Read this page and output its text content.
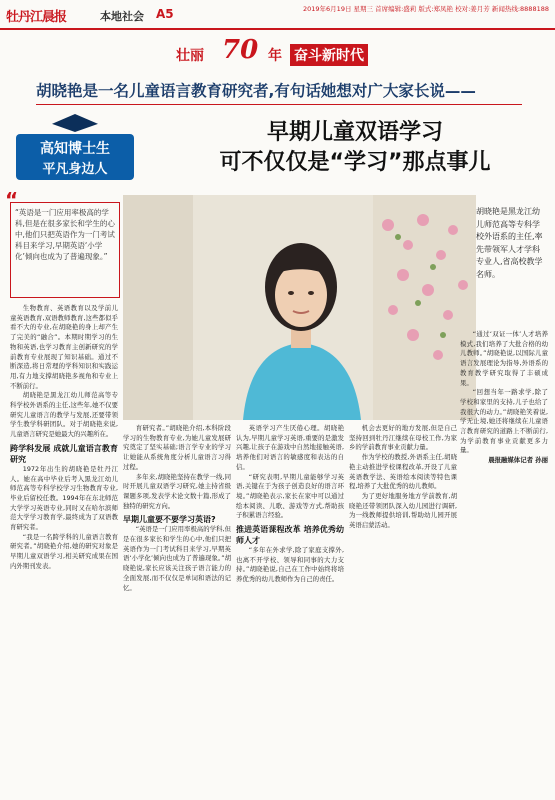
牡丹江晨报	本地社会 A5	2019年6月19日 星期三 首席编辑:盛莉 版式:郑凤艳 校对:姜月芳 新闻热线:8888188
壮丽 70 年 奋斗新时代
胡晓艳是一名儿童语言教育研究者,有句话她想对广大家长说——
高知博士生
平凡身边人
早期儿童双语学习
可不仅仅是“学习”那点事儿
胡晓艳是黑龙江幼儿师范高等专科学校外语系的主任,率先带领军人才学科专业人,省高校教学名师。
“
“英语是一门应用率极高的学科,但是在很多家长和学生的心中,他们只把英语作为一门考试科目来学习,早期英语‘小学化’倾向也成为了普遍现象。”

生物教育、英语教育以及学前儿童英语教育,双语教师教育,这些都似乎看不大的专业,在胡晓艳的身上却产生了完美的“融合”。本期时期学习的生物和英语,也学习教育主创新研究的学前教育专业展现了知识基础。通过不断深造,将日常理的学科知识和实践运用,有力地支撑胡晓艳多视角和专业上不断前行。

胡晓艳是黑龙江幼儿师范高等专科学校外语系的主任,这些年,她不仅要研究儿童语言的教学与发展,还要带领学生教学科研团队。对于胡晓艳来说,儿童语言研究是她最大的兴趣所在。

跨学科发展 成就儿童语言教育研究

1972年出生的胡晓艳是牡丹江人。她在高中毕业后考入黑龙江幼儿师范高等专科学校学习生物教育专业,毕业后留校任教。1994年在东北师范大学学习英语专业,同时又在哈尔滨师范大学学习教育学,最终成为了双语教育研究者。

“我是一名跨学科的儿童语言教育研究者。”胡晓艳介绍,她的研究对象是早期儿童双语学习,相关研究成果在国内外期刊发表。

育研究者。”胡晓艳介绍,本科阶段学习的生物教育专业,为她儿童发展研究奠定了坚实基础;语言学专业的学习让她能从系统角度分析儿童语言习得过程。

多年来,胡晓艳坚持在教学一线,同时开展儿童双语学习研究,她主持省级课题多项,发表学术论文数十篇,形成了独特的研究方向。

早期儿童要不要学习英语?

“英语是一门应用率极高的学科,但是在很多家长和学生的心中,他们只把英语作为一门考试科目来学习,早期英语‘小学化’倾向也成为了普遍现象。”胡晓艳说,家长应该关注孩子语言能力的全面发展,而不仅仅是单词和语法的记忆。

英语学习产生厌倦心理。胡晓艳认为,早期儿童学习英语,重要的是激发兴趣,让孩子在游戏中自然地接触英语,培养他们对语言的敏感度和表达的自信。

“研究表明,早期儿童能够学习英语,关键在于为孩子创造良好的语言环境。”胡晓艳表示,家长在家中可以通过绘本阅读、儿歌、游戏等方式,帮助孩子积累语言经验。

推进英语课程改革 培养优秀幼师人才

“多年在外求学,除了家庭支撑外,也离不开学校、领导和同事的大力支持。”胡晓艳说,自己在工作中始终将培养优秀的幼儿教师作为自己的责任。

机会去更好的地方发展,但是自己坚持回到牡丹江继续在母校工作,为家乡的学前教育事业贡献力量。

作为学校的教授,外语系主任,胡晓艳主动推进学校课程改革,开设了儿童英语教学法、英语绘本阅读等特色课程,培养了大批优秀的幼儿教师。

为了更好地服务地方学前教育,胡晓艳还带领团队深入幼儿园进行调研,为一线教师提供培训,帮助幼儿园开展英语启蒙活动。

“通过‘双证一体’人才培养模式,我们培养了大批合格的幼儿教师。”胡晓艳说,以国际儿童语言发展理论为指导,外语系的教育教学研究取得了丰硕成果。

“回想当年一路求学,除了学校和家里的支持,儿子也给了我很大的动力。”胡晓艳笑着说,学无止境,她还将继续在儿童语言教育研究的道路上不断前行,为学前教育事业贡献更多力量。

晨报融媒体记者 孙丽
